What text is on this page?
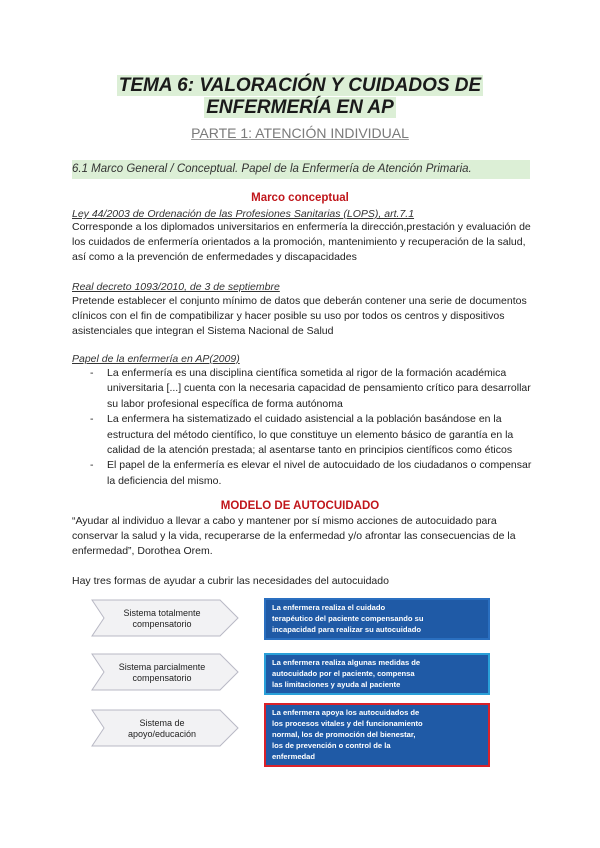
TEMA 6: VALORACIÓN Y CUIDADOS DE
ENFERMERÍA EN AP
PARTE 1: ATENCIÓN INDIVIDUAL
6.1 Marco General / Conceptual. Papel de la Enfermería de Atención Primaria.
Marco conceptual
Ley 44/2003 de Ordenación de las Profesiones Sanitarias (LOPS), art.7.1
Corresponde a los diplomados universitarios en enfermería la dirección,prestación y evaluación de los cuidados de enfermería orientados a la promoción, mantenimiento y recuperación de la salud, así como a la prevención de enfermedades y discapacidades
Real decreto 1093/2010, de 3 de septiembre
Pretende establecer el conjunto mínimo de datos que deberán contener una serie de documentos clínicos con el fin de compatibilizar y hacer posible su uso por todos os centros y dispositivos asistenciales que integran el Sistema Nacional de Salud
Papel de la enfermería en AP(2009)
- La enfermería es una disciplina científica sometida al rigor de la formación académica universitaria [...] cuenta con la necesaria capacidad de pensamiento crítico para desarrollar su labor profesional específica de forma autónoma
- La enfermera ha sistematizado el cuidado asistencial a la población basándose en la estructura del método científico, lo que constituye un elemento básico de garantía en la calidad de la atención prestada; al asentarse tanto en principios científicos como éticos
- El papel de la enfermería es elevar el nivel de autocuidado de los ciudadanos o compensar la deficiencia del mismo.
MODELO DE AUTOCUIDADO
“Ayudar al individuo a llevar a cabo y mantener por sí mismo acciones de autocuidado para conservar la salud y la vida, recuperarse de la enfermedad y/o afrontar las consecuencias de la enfermedad”, Dorothea Orem.
Hay tres formas de ayudar a cubrir las necesidades del autocuidado
Sistema totalmente
compensatorio
La enfermera realiza el cuidado
terapéutico del paciente compensando su
incapacidad para realizar su autocuidado
Sistema parcialmente
compensatorio
La enfermera realiza algunas medidas de
autocuidado por el paciente, compensa
las limitaciones y ayuda al paciente
Sistema de
apoyo/educación
La enfermera apoya los autocuidados de
los procesos vitales y del funcionamiento
normal, los de promoción del bienestar,
los de prevención o control de la
enfermedad
